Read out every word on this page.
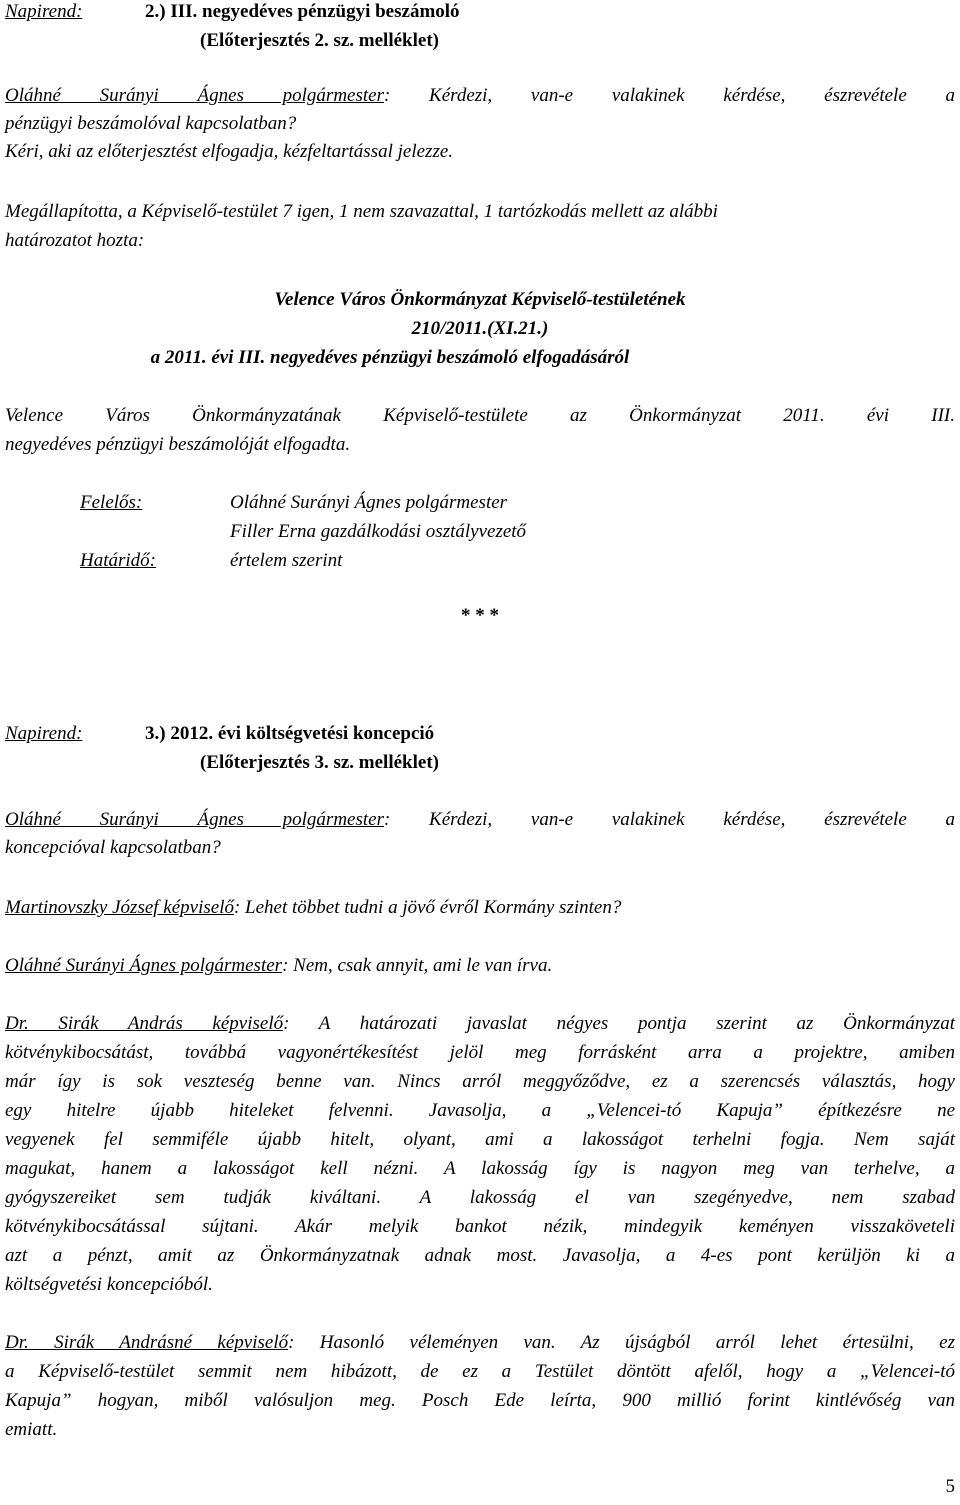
Napirend:	2.) III. negyedéves pénzügyi beszámoló
(Előterjesztés 2. sz. melléklet)
Oláhné Surányi Ágnes polgármester: Kérdezi, van-e valakinek kérdése, észrevétele a
pénzügyi beszámolóval kapcsolatban?
Kéri, aki az előterjesztést elfogadja, kézfeltartással jelezze.
Megállapította, a Képviselő-testület 7 igen, 1 nem szavazattal, 1 tartózkodás mellett az alábbi
határozatot hozta:
Velence Város Önkormányzat Képviselő-testületének
210/2011.(XI.21.)
a 2011. évi III. negyedéves pénzügyi beszámoló elfogadásáról
Velence Város Önkormányzatának Képviselő-testülete az Önkormányzat 2011. évi III.
negyedéves pénzügyi beszámolóját elfogadta.
Felelős:	Oláhné Surányi Ágnes polgármester
Filler Erna gazdálkodási osztályvezető
Határidő:	értelem szerint
* * *
Napirend:	3.) 2012. évi költségvetési koncepció
(Előterjesztés 3. sz. melléklet)
Oláhné Surányi Ágnes polgármester: Kérdezi, van-e valakinek kérdése, észrevétele a
koncepcióval kapcsolatban?
Martinovszky József képviselő: Lehet többet tudni a jövő évről Kormány szinten?
Oláhné Surányi Ágnes polgármester: Nem, csak annyit, ami le van írva.
Dr. Sirák András képviselő: A határozati javaslat négyes pontja szerint az Önkormányzat
kötvénykibocsátást, továbbá vagyonértékesítést jelöl meg forrásként arra a projektre, amiben
már így is sok veszteség benne van. Nincs arról meggyőződve, ez a szerencsés választás, hogy
egy hitelre újabb hiteleket felvenni. Javasolja, a „Velencei-tó Kapuja” építkezésre ne
vegyenek fel semmiféle újabb hitelt, olyant, ami a lakosságot terhelni fogja. Nem saját
magukat, hanem a lakosságot kell nézni. A lakosság így is nagyon meg van terhelve, a
gyógyszereiket sem tudják kiváltani. A lakosság el van szegényedve, nem szabad
kötvénykibocsátással sújtani. Akár melyik bankot nézik, mindegyik keményen visszaköveteli
azt a pénzt, amit az Önkormányzatnak adnak most. Javasolja, a 4-es pont kerüljön ki a
költségvetési koncepcióból.
Dr. Sirák Andrásné képviselő: Hasonló véleményen van. Az újságból arról lehet értesülni, ez
a Képviselő-testület semmit nem hibázott, de ez a Testület döntött afelől, hogy a „Velencei-tó
Kapuja” hogyan, miből valósuljon meg. Posch Ede leírta, 900 millió forint kintlévőség van
emiatt.
5
